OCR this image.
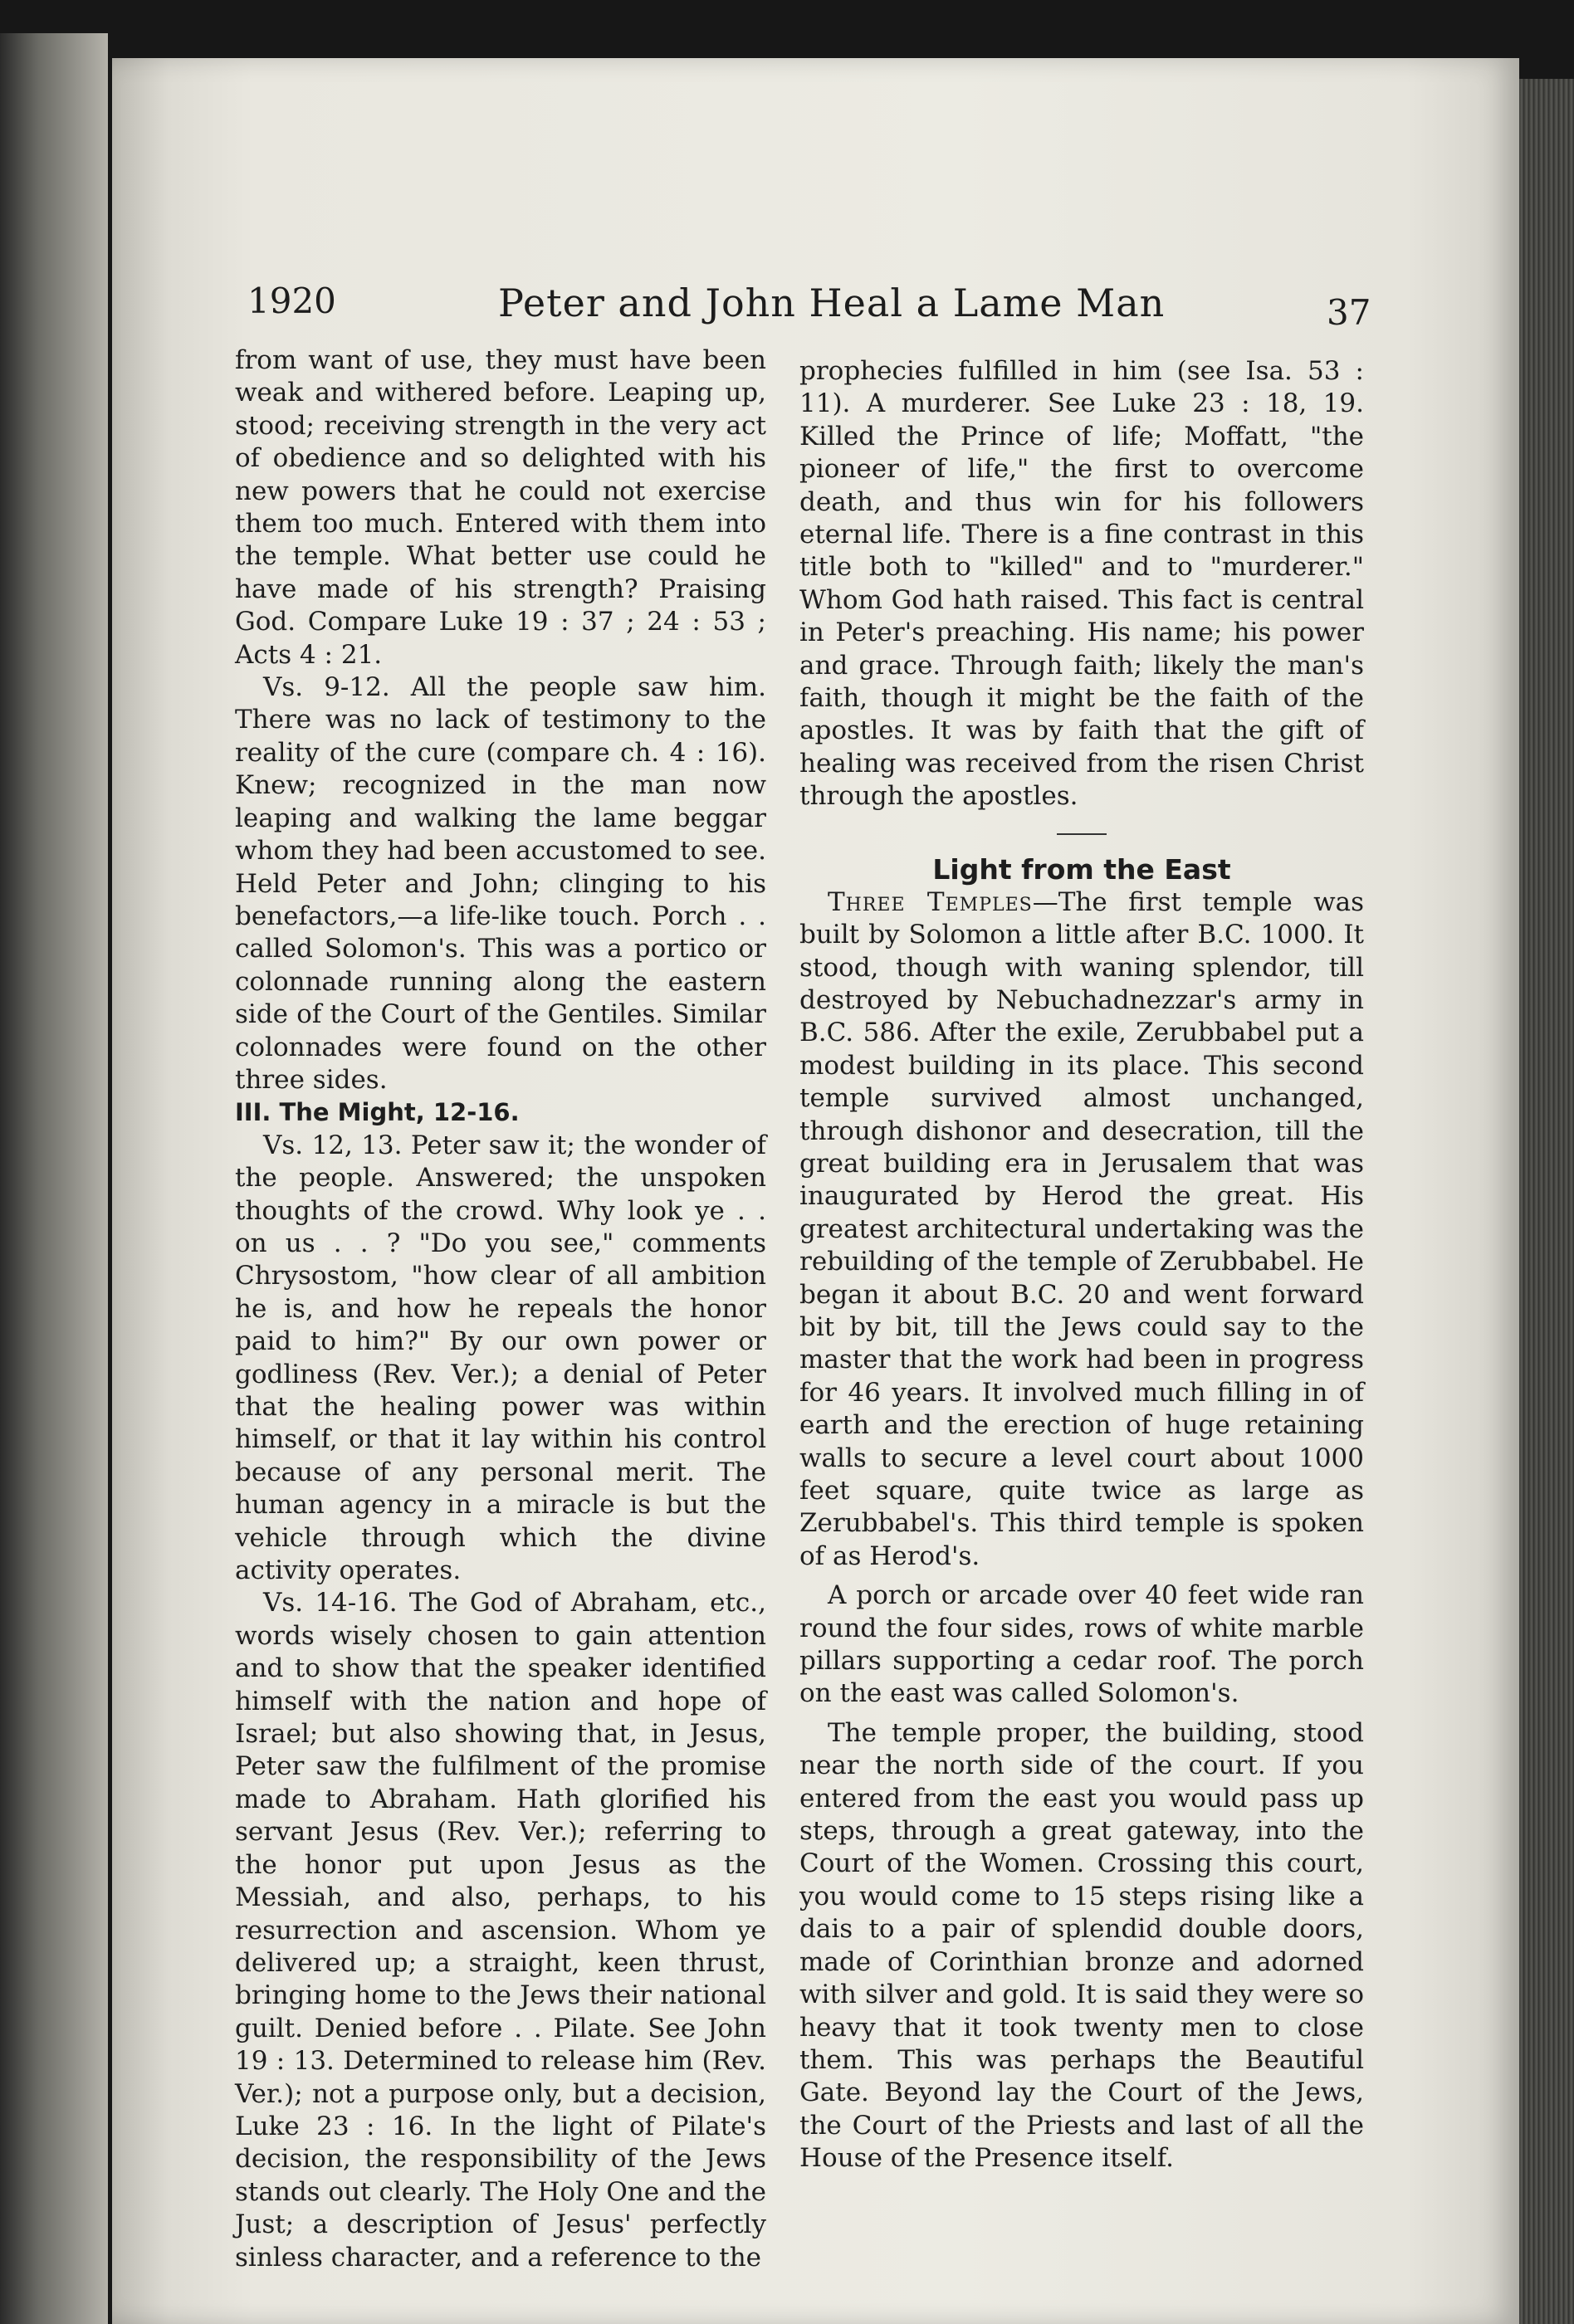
1920	Peter and John Heal a Lame Man	37

from want of use, they must have been weak and withered before. Leaping up, stood; receiving strength in the very act of obedience and so delighted with his new powers that he could not exercise them too much. Entered with them into the temple. What better use could he have made of his strength? Praising God. Compare Luke 19 : 37 ; 24 : 53 ; Acts 4 : 21.

Vs. 9-12. All the people saw him. There was no lack of testimony to the reality of the cure (compare ch. 4 : 16). Knew; recognized in the man now leaping and walking the lame beggar whom they had been accustomed to see. Held Peter and John; clinging to his benefactors,—a life-like touch. Porch . . called Solomon's. This was a portico or colonnade running along the eastern side of the Court of the Gentiles. Similar colonnades were found on the other three sides.

III. The Might, 12-16.

Vs. 12, 13. Peter saw it; the wonder of the people. Answered; the unspoken thoughts of the crowd. Why look ye . . on us . . ? "Do you see," comments Chrysostom, "how clear of all ambition he is, and how he repeals the honor paid to him?" By our own power or godliness (Rev. Ver.); a denial of Peter that the healing power was within himself, or that it lay within his control because of any personal merit. The human agency in a miracle is but the vehicle through which the divine activity operates.

Vs. 14-16. The God of Abraham, etc., words wisely chosen to gain attention and to show that the speaker identified himself with the nation and hope of Israel; but also showing that, in Jesus, Peter saw the fulfilment of the promise made to Abraham. Hath glorified his servant Jesus (Rev. Ver.); referring to the honor put upon Jesus as the Messiah, and also, perhaps, to his resurrection and ascension. Whom ye delivered up; a straight, keen thrust, bringing home to the Jews their national guilt. Denied before . . Pilate. See John 19 : 13. Determined to release him (Rev. Ver.); not a purpose only, but a decision, Luke 23 : 16. In the light of Pilate's decision, the responsibility of the Jews stands out clearly. The Holy One and the Just; a description of Jesus' perfectly sinless character, and a reference to the

prophecies fulfilled in him (see Isa. 53 : 11). A murderer. See Luke 23 : 18, 19. Killed the Prince of life; Moffatt, "the pioneer of life," the first to overcome death, and thus win for his followers eternal life. There is a fine contrast in this title both to "killed" and to "murderer." Whom God hath raised. This fact is central in Peter's preaching. His name; his power and grace. Through faith; likely the man's faith, though it might be the faith of the apostles. It was by faith that the gift of healing was received from the risen Christ through the apostles.

Light from the East

Three Temples—The first temple was built by Solomon a little after B.C. 1000. It stood, though with waning splendor, till destroyed by Nebuchadnezzar's army in B.C. 586. After the exile, Zerubbabel put a modest building in its place. This second temple survived almost unchanged, through dishonor and desecration, till the great building era in Jerusalem that was inaugurated by Herod the great. His greatest architectural undertaking was the rebuilding of the temple of Zerubbabel. He began it about B.C. 20 and went forward bit by bit, till the Jews could say to the master that the work had been in progress for 46 years. It involved much filling in of earth and the erection of huge retaining walls to secure a level court about 1000 feet square, quite twice as large as Zerubbabel's. This third temple is spoken of as Herod's.

A porch or arcade over 40 feet wide ran round the four sides, rows of white marble pillars supporting a cedar roof. The porch on the east was called Solomon's.

The temple proper, the building, stood near the north side of the court. If you entered from the east you would pass up steps, through a great gateway, into the Court of the Women. Crossing this court, you would come to 15 steps rising like a dais to a pair of splendid double doors, made of Corinthian bronze and adorned with silver and gold. It is said they were so heavy that it took twenty men to close them. This was perhaps the Beautiful Gate. Beyond lay the Court of the Jews, the Court of the Priests and last of all the House of the Presence itself.
